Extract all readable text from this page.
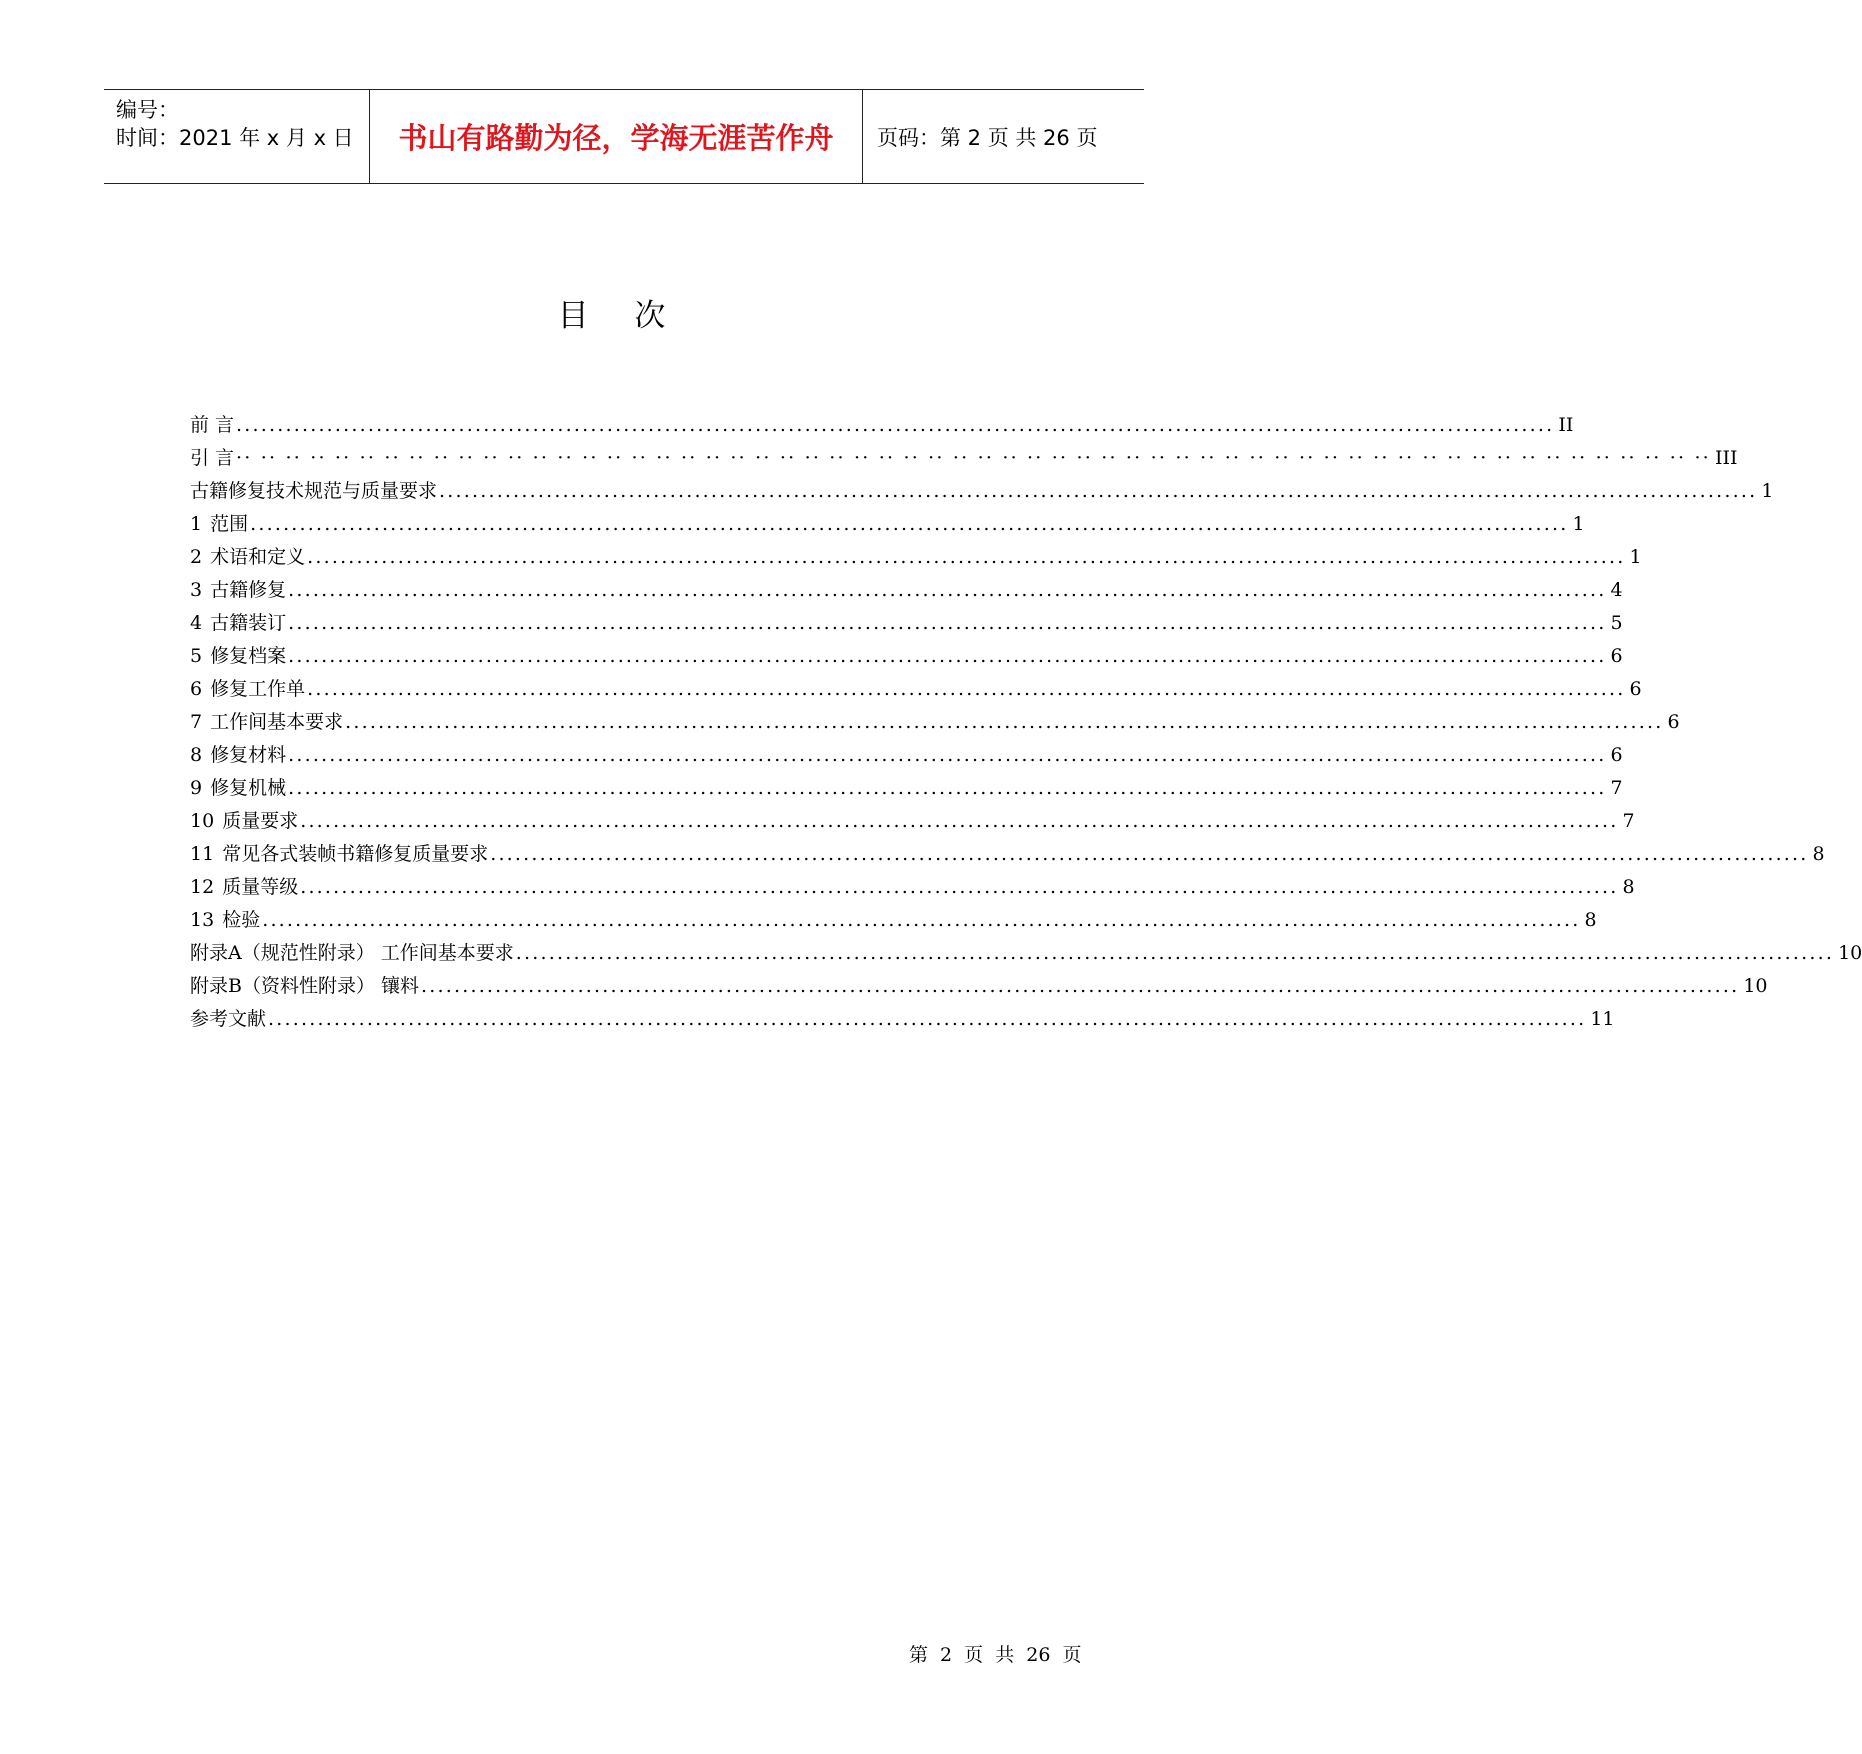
编号：
时间：2021 年 x 月 x 日 书山有路勤为径，学海无涯苦作舟 页码：第 2 页 共 26 页
目 次
前 言 ................................................................................................................................................................ II
引 言 ·· ·· ·· ·· ·· ·· ·· ·· ·· ·· ·· ·· ·· ·· ·· ·· ·· ·· ·· ·· ·· ·· ·· ·· ·· ·· ·· ·· ·· ·· ·· ·· ·· ·· ·· ·· ·· ·· ·· ·· ·· ·· ·· ·· ·· ·· ·· ·· ·· ·· ·· ·· ·· ·· ·· ·· ·· ·· ·· ·· III
古籍修复技术规范与质量要求 ................................................................................................................................................................ 1
1 范围 ................................................................................................................................................................ 1
2 术语和定义 ................................................................................................................................................................ 1
3 古籍修复 ................................................................................................................................................................ 4
4 古籍装订 ................................................................................................................................................................ 5
5 修复档案 ................................................................................................................................................................ 6
6 修复工作单 ................................................................................................................................................................ 6
7 工作间基本要求 ................................................................................................................................................................ 6
8 修复材料 ................................................................................................................................................................ 6
9 修复机械 ................................................................................................................................................................ 7
10 质量要求 ................................................................................................................................................................ 7
11 常见各式装帧书籍修复质量要求 ................................................................................................................................................................ 8
12 质量等级 ................................................................................................................................................................ 8
13 检验 ................................................................................................................................................................ 8
附录A（规范性附录） 工作间基本要求 ................................................................................................................................................................ 10
附录B（资料性附录） 镶料 ................................................................................................................................................................ 10
参考文献 ................................................................................................................................................................ 11
第 2 页 共 26 页
